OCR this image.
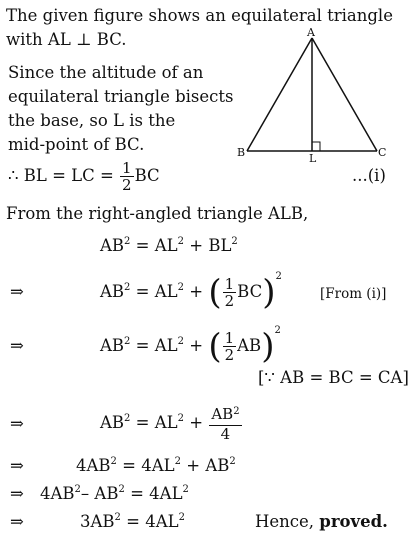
The given figure shows an equilateral triangle
with AL ⊥ BC.
Since the altitude of an
equilateral triangle bisects
the base, so L is the
mid-point of BC.
A
B	C
L
∴ BL = LC = $\frac{1}{2}$ BC	...(i)
From the right-angled triangle ALB,
$AB^2 = AL^2 + BL^2$
⇒	$AB^2 = AL^2$ + ( $\frac{1}{2} BC)^2$
[From (i)]
⇒	$AB^2 = AL^2$ + ( $\frac{1}{2} AB)^2$
[∵ AB = BC = CA]
⇒	$AB^2 = AL^2 + \frac{AB^2}{4}$
⇒	$4AB^2 = 4AL^2 + AB^2$
⇒ $4AB^2-$ $AB^2 = 4AL^2$
⇒	$3AB^2 = 4AL^2$	Hence, proved.
